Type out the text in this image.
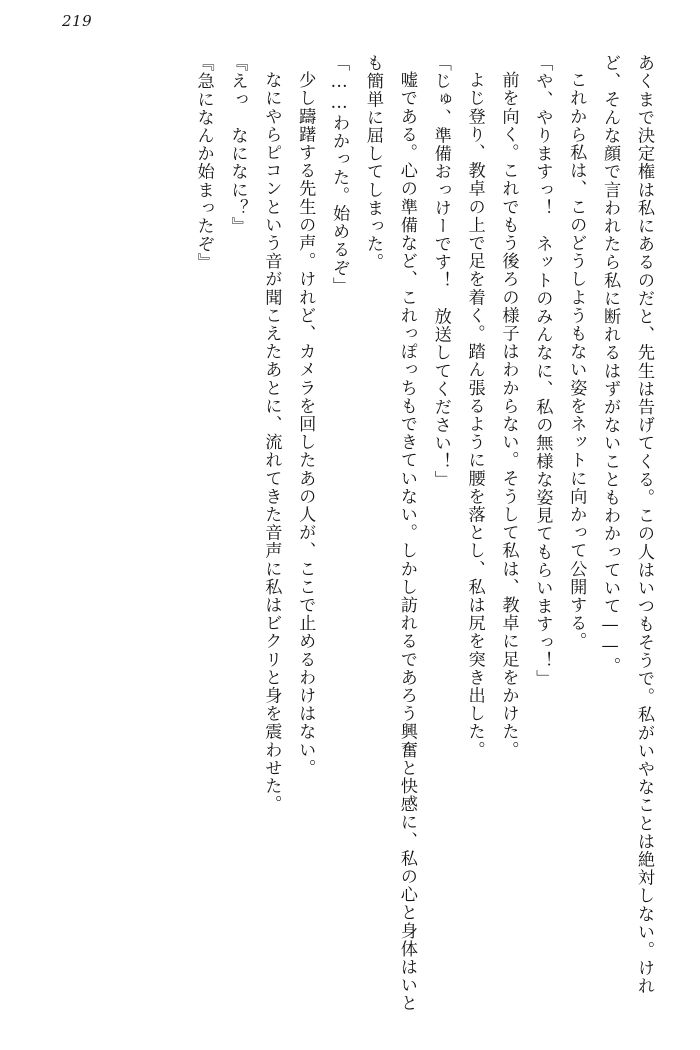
219

あくまで決定権は私にあるのだと、先生は告げてくる。この人はいつもそうで。私がいやなことは絶対しない。けれど、そんな顔で言われたら私に断れるはずがないこともわかっていて——。

これから私は、このどうしようもない姿をネットに向かって公開する。

「や、やりますっ！　ネットのみんなに、私の無様な姿見てもらいますっ！」

前を向く。これでもう後ろの様子はわからない。そうして私は、教卓に足をかけた。

よじ登り、教卓の上で足を着く。踏ん張るように腰を落とし、私は尻を突き出した。

「じゅ、準備おっけーです！　放送してください！」

嘘である。心の準備など、これっぽっちもできていない。しかし訪れるであろう興奮と快感に、私の心と身体はいとも簡単に屈してしまった。

「……わかった。始めるぞ」

少し躊躇する先生の声。けれど、カメラを回したあの人が、ここで止めるわけはない。

なにやらピコンという音が聞こえたあとに、流れてきた音声に私はビクリと身を震わせた。

『えっ　なになに？』

『急になんか始まったぞ』
